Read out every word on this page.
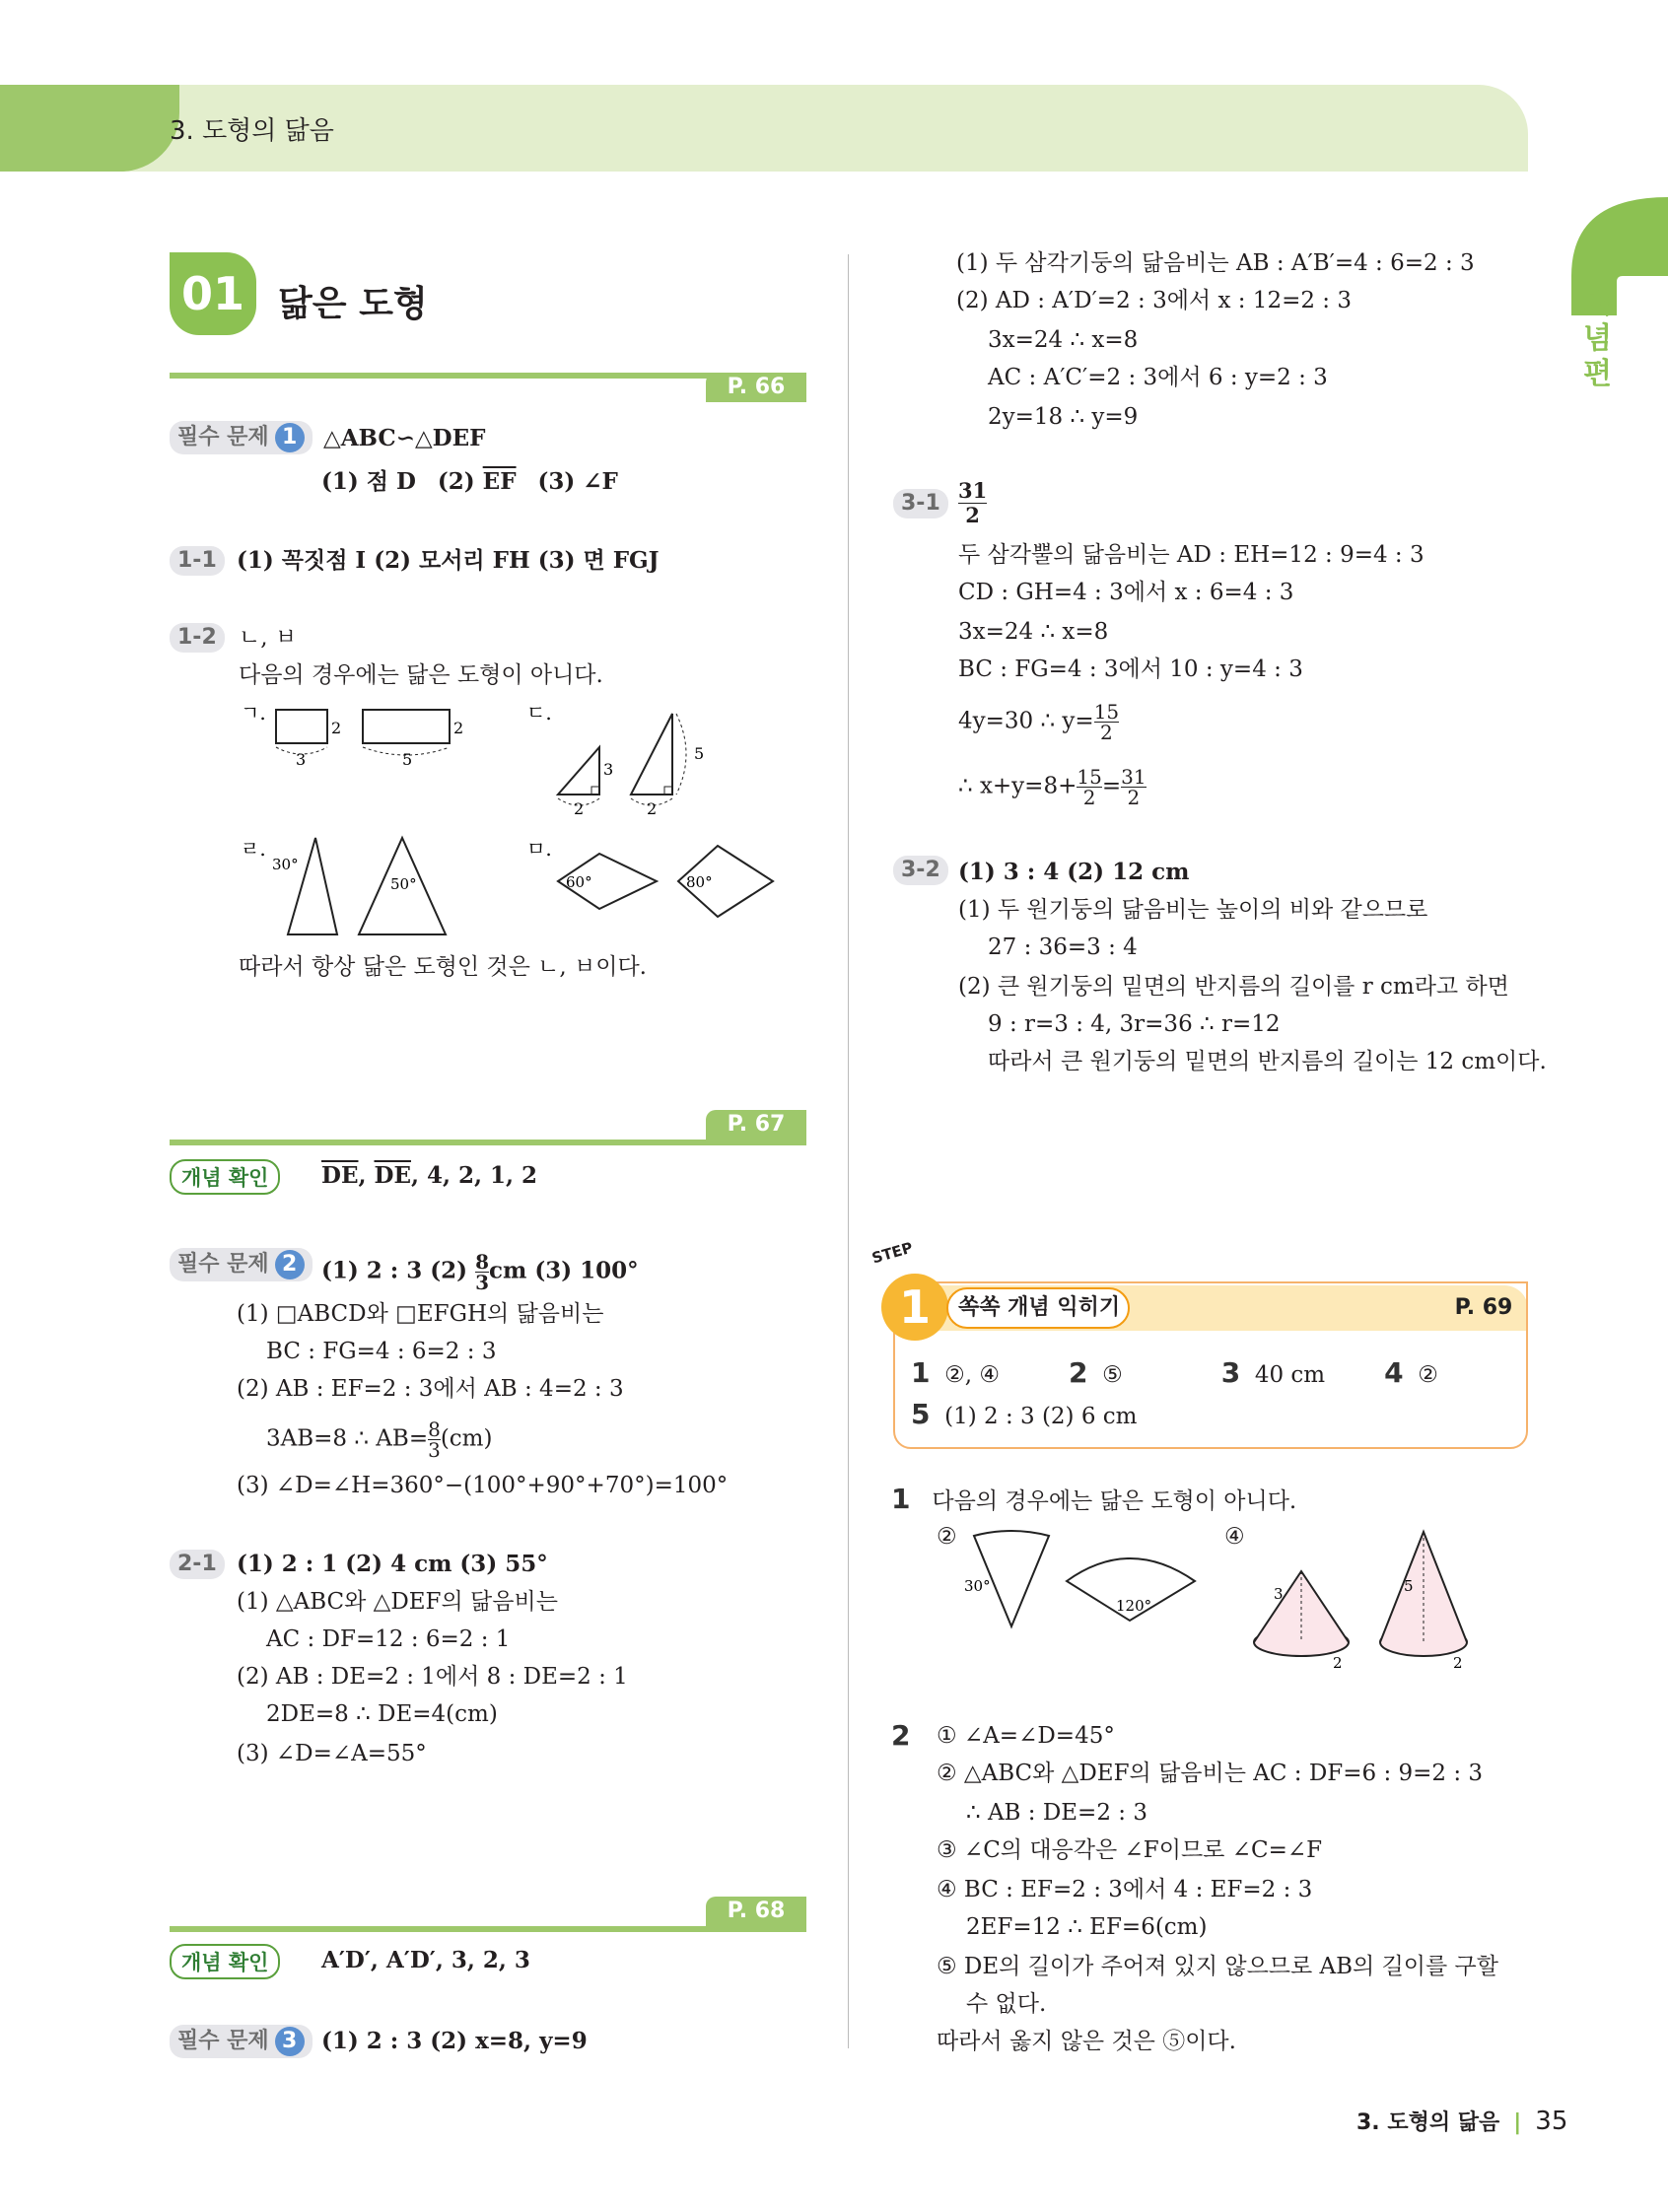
3. 도형의 닮음
개념편
01 닮은 도형
P. 66
필수 문제 1	△ABC∽△DEF
(1) 점 D (2) $\overline{EF}$ (3) ∠F
1-1 (1) 꼭짓점 I (2) 모서리 FH (3) 면 FGJ
1-2 ㄴ, ㅂ
다음의 경우에는 닮은 도형이 아니다.
ㄱ.
2
3
2
5
ㄷ.
3
2
5
2
ㄹ.
30°
50°
ㅁ.
60°	80°
따라서 항상 닮은 도형인 것은 ㄴ, ㅂ이다.
P. 67
개념 확인	$\overline{DE}$, $\overline{DE}$, 4, 2, 1, 2
필수 문제 2	(1) 2 : 3 $(2) \frac{8}{3}$ cm (3) 100°
(1) □ABCD와 □EFGH의 닮음비는
BC : FG=4 : 6=2 : 3
(2) AB : EF=2 : 3에서 AB : 4=2 : 3
3AB=8 ∴ $AB= \frac{8}{3} (cm)$
(3) ∠D=∠H=360°−(100°+90°+70°)=100°
2-1 (1) 2 : 1 (2) 4 cm (3) 55°
(1) △ABC와 △DEF의 닮음비는
AC : DF=12 : 6=2 : 1
(2) AB : DE=2 : 1에서 8 : DE=2 : 1
2DE=8 ∴ DE=4(cm)
(3) ∠D=∠A=55°
P. 68
개념 확인	A′D′, A′D′, 3, 2, 3
필수 문제 3	(1) 2 : 3 (2) x=8, y=9
(1) 두 삼각기둥의 닮음비는 AB : A′B′=4 : 6=2 : 3
(2) AD : A′D′=2 : 3에서 x : 12=2 : 3
3x=24 ∴ x=8
AC : A′C′=2 : 3에서 6 : y=2 : 3
2y=18 ∴ y=9
3-1
31
2
두 삼각뿔의 닮음비는 AD : EH=12 : 9=4 : 3
CD : GH=4 : 3에서 x : 6=4 : 3
3x=24 ∴ x=8
BC : FG=4 : 3에서 10 : y=4 : 3
4y=30 ∴ $y= \frac{15}{2}$
∴ $x+y=8+ \frac{15}{2} = \frac{31}{2}$
3-2 (1) 3 : 4 (2) 12 cm
(1) 두 원기둥의 닮음비는 높이의 비와 같으므로
27 : 36=3 : 4
(2) 큰 원기둥의 밑면의 반지름의 길이를 r cm라고 하면
9 : r=3 : 4, 3r=36 ∴ r=12
따라서 큰 원기둥의 밑면의 반지름의 길이는 12 cm이다.
STEP
1	쏙쏙 개념 익히기	P. 69
1 ②, ④	2 ⑤	3 40 cm 4 ②
5 (1) 2 : 3 (2) 6 cm
1 다음의 경우에는 닮은 도형이 아니다.
②	④
30°
120°
3
2
5
2
2 ① ∠A=∠D=45°
② △ABC와 △DEF의 닮음비는 AC : DF=6 : 9=2 : 3
∴ AB : DE=2 : 3
③ ∠C의 대응각은 ∠F이므로 ∠C=∠F
④ BC : EF=2 : 3에서 4 : EF=2 : 3
2EF=12 ∴ EF=6(cm)
⑤ DE의 길이가 주어져 있지 않으므로 AB의 길이를 구할
수 없다.
따라서 옳지 않은 것은 ⑤이다.
3. 도형의 닮음 | 35
